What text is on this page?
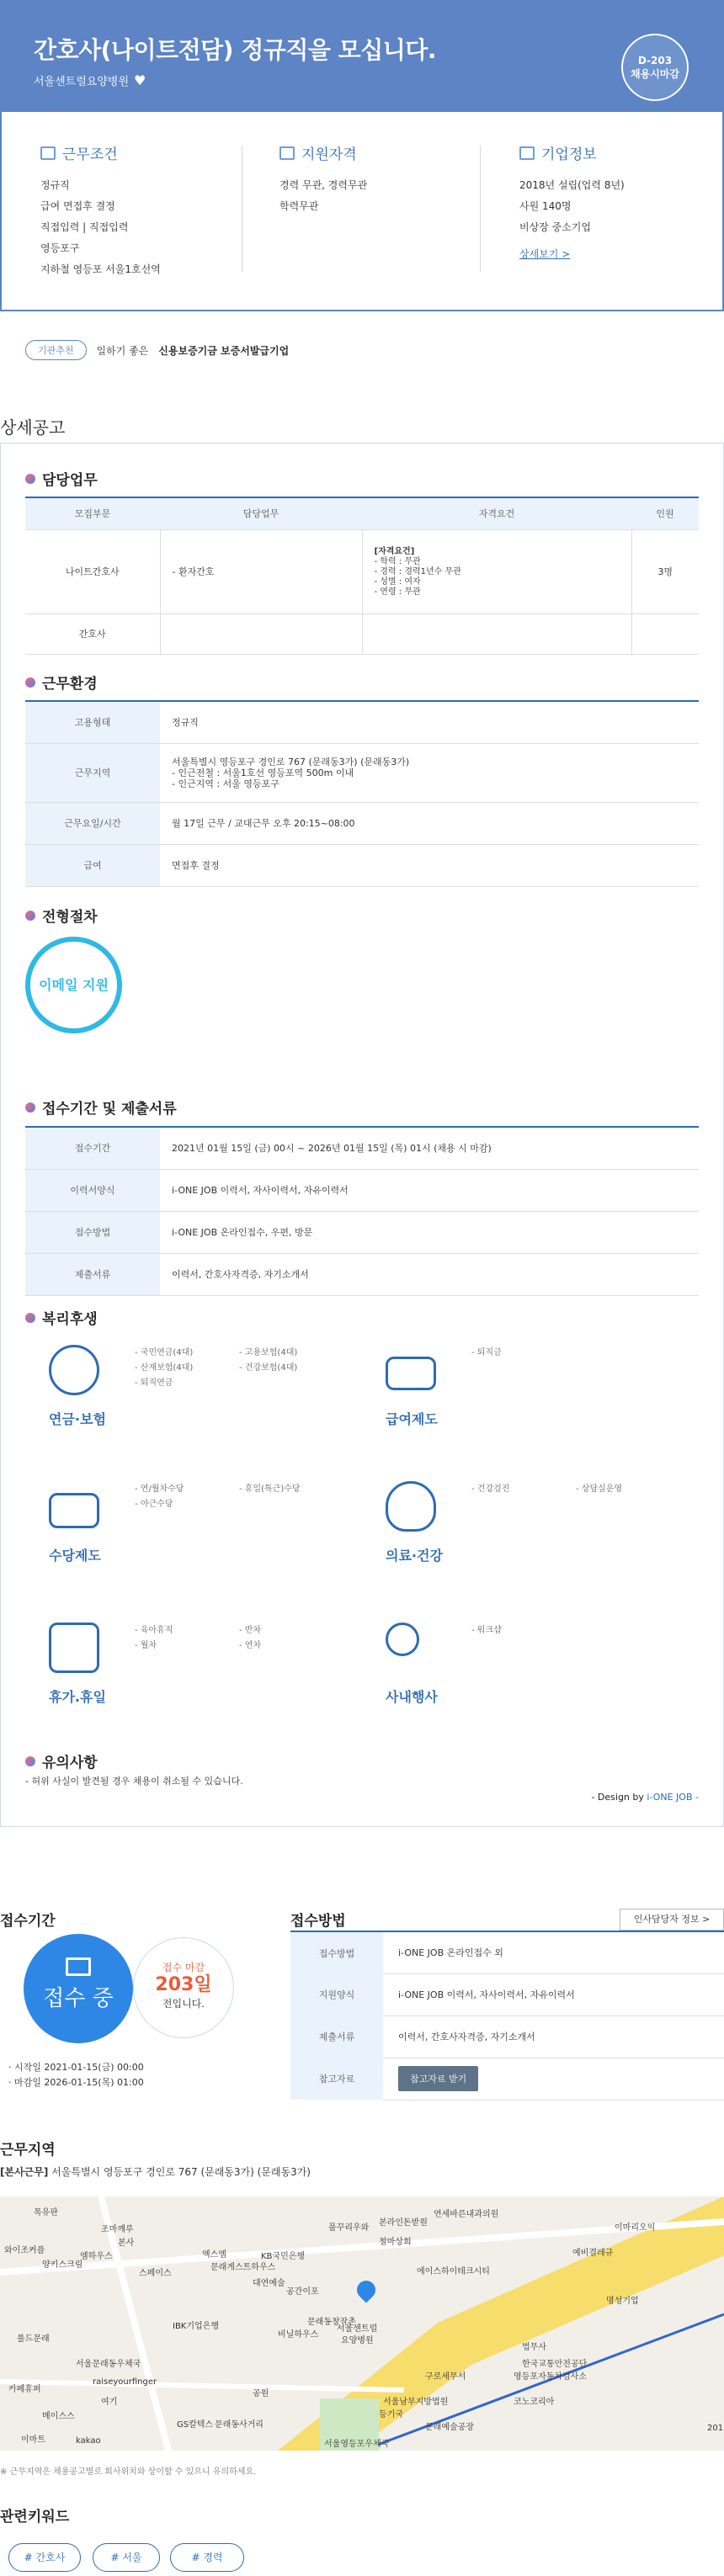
간호사(나이트전담) 정규직을 모십니다.
서울센트럴요양병원 ♥
D-203
채용시마감
근무조건
정규직
급여 면접후 결정
직접입력 | 직접입력
영등포구
지하철 영등포 서울1호선역
지원자격
경력 무관, 경력무관
학력무관
기업정보
2018년 설립(업력 8년)
사원 140명
비상장 중소기업
상세보기 >
기관추천	일하기 좋은 신용보증기금 보증서발급기업
상세공고
담당업무
모집부문	담당업무	자격요건	인원
나이트간호사	- 환자간호	[자격요건]
- 학력 : 무관
- 경력 : 경력1년수 무관
- 성별 : 여자
- 연령 : 무관	3명
간호사			
근무환경
고용형태	정규직
근무지역	서울특별시 영등포구 경인로 767 (문래동3가) (문래동3가)
- 인근전철 : 서울1호선 영등포역 500m 이내
- 인근지역 : 서울 영등포구

근무요일/시간	월 17일 근무 / 교대근무 오후 20:15~08:00
급여	면접후 결정
전형절차
이메일 지원
접수기간 및 제출서류
접수기간	2021년 01월 15일 (금) 00시 ~ 2026년 01월 15일 (목) 01시 (채용 시 마감)
이력서양식	i-ONE JOB 이력서, 자사이력서, 자유이력서
접수방법	i-ONE JOB 온라인접수, 우편, 방문
제출서류	이력서, 간호사자격증, 자기소개서
복리후생
연금·보험
- 국민연금(4대)	- 고용보험(4대)
- 산재보험(4대)	- 건강보험(4대)
- 퇴직연금
급여제도
- 퇴직금
수당제도
- 연/월차수당	- 휴일(특근)수당
- 야근수당
의료·건강
- 건강검진	- 상담실운영
휴가.휴일
- 육아휴직	- 반차
- 월차	- 연차
사내행사
- 워크샵
유의사항
- 허위 사실이 발견될 경우 채용이 취소될 수 있습니다.
- Design by i-ONE JOB -
접수기간
접수 중
접수 마감
203일
전입니다.
· 시작일 2021-01-15(금) 00:00
· 마감일 2026-01-15(목) 01:00
접수방법	인사담당자 정보 >
접수방법	i-ONE JOB 온라인접수 외
지원양식	i-ONE JOB 이력서, 자사이력서, 자유이력서
제출서류	이력서, 간호사자격증, 자기소개서
참고자료	참고자료 받기
근무지역
[본사근무] 서울특별시 영등포구 경인로 767 (문래동3가) (문래동3가)
목유판
조마깨루
본사
와이조커플
엠하우스
양키스크림
스페이스
엑스엠
문래게스트하우스
KB국민은행
대연예술
공간이포
비닐하우스
문래동창작촌
풀꾸리우와
서울센트럴
요양병원
본라인돈받원
연세바른내과의원
철마상회
에이스하이테크시티
예비결레규
이마리오익
명성기업
IBK기업은행
롤드문래
서울문래동우체국
raiseyourfinger
카페휴퍼
여기
메이스스
GS칼텍스 문래동사거리
공원
구로세무서
법무사
한국교통안전공단
영등포자동차검사소
서울남부지방법원
등기국
코노코리아
문래예술공장
서울영등포우체국
이마트	kakao
201
※ 근무지역은 채용공고별로 회사위치와 상이할 수 있으니 유의하세요.
관련키워드
# 간호사	# 서울	# 경력
